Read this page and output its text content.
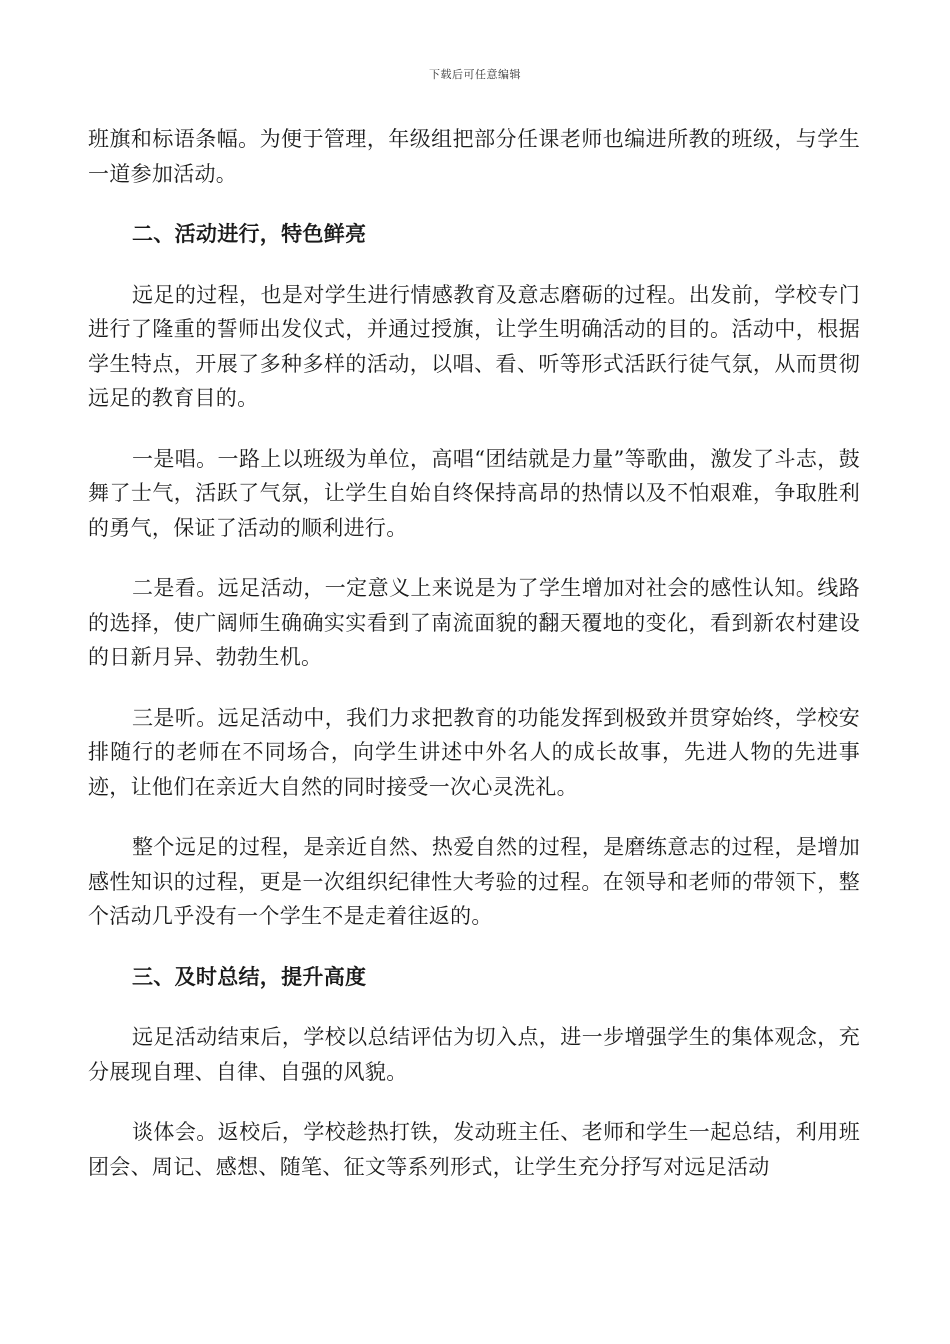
下载后可任意编辑

班旗和标语条幅。为便于管理，年级组把部分任课老师也编进所教的班级，与学生一道参加活动。

二、活动进行，特色鲜亮

远足的过程，也是对学生进行情感教育及意志磨砺的过程。出发前，学校专门进行了隆重的誓师出发仪式，并通过授旗，让学生明确活动的目的。活动中，根据学生特点，开展了多种多样的活动，以唱、看、听等形式活跃行徒气氛，从而贯彻远足的教育目的。

一是唱。一路上以班级为单位，高唱“团结就是力量”等歌曲，激发了斗志，鼓舞了士气，活跃了气氛，让学生自始自终保持高昂的热情以及不怕艰难，争取胜利的勇气，保证了活动的顺利进行。

二是看。远足活动，一定意义上来说是为了学生增加对社会的感性认知。线路的选择，使广阔师生确确实实看到了南流面貌的翻天覆地的变化，看到新农村建设的日新月异、勃勃生机。

三是听。远足活动中，我们力求把教育的功能发挥到极致并贯穿始终，学校安排随行的老师在不同场合，向学生讲述中外名人的成长故事，先进人物的先进事迹，让他们在亲近大自然的同时接受一次心灵洗礼。

整个远足的过程，是亲近自然、热爱自然的过程，是磨练意志的过程，是增加感性知识的过程，更是一次组织纪律性大考验的过程。在领导和老师的带领下，整个活动几乎没有一个学生不是走着往返的。

三、及时总结，提升高度

远足活动结束后，学校以总结评估为切入点，进一步增强学生的集体观念，充分展现自理、自律、自强的风貌。

谈体会。返校后，学校趁热打铁，发动班主任、老师和学生一起总结，利用班团会、周记、感想、随笔、征文等系列形式，让学生充分抒写对远足活动
